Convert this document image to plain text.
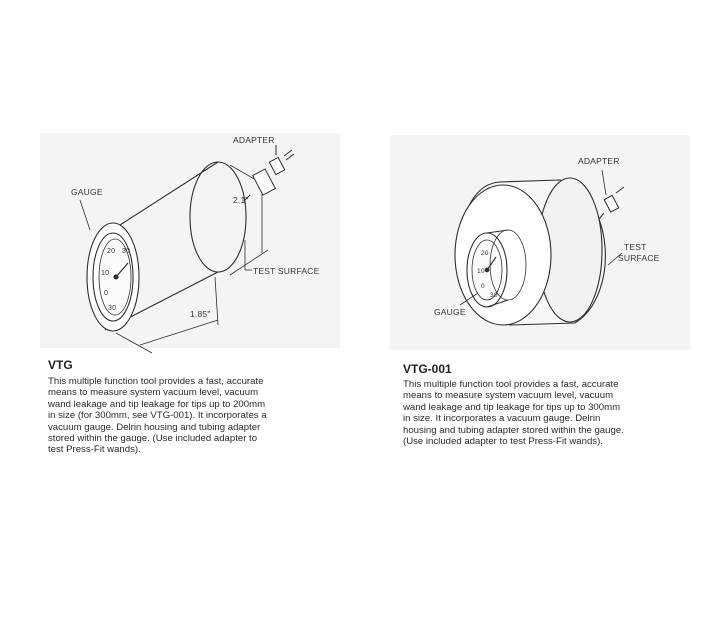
20
10
0
30
30
GAUGE
ADAPTER
TEST SURFACE
2.1"
1.85"
VTG

This multiple function tool provides a fast, accurate
means to measure system vacuum level, vacuum
wand leakage and tip leakage for tips up to 200mm
in size (for 300mm, see VTG-001). It incorporates a
vacuum gauge. Delrin housing and tubing adapter
stored within the gauge. (Use included adapter to
test Press-Fit wands).

20
10
0
30
ADAPTER
TEST
SURFACE
GAUGE
VTG-001

This multiple function tool provides a fast, accurate
means to measure system vacuum level, vacuum
wand leakage and tip leakage for tips up to 300mm
in size. It incorporates a vacuum gauge. Delrin
housing and tubing adapter stored within the gauge.
(Use included adapter to test Press-Fit wands).
